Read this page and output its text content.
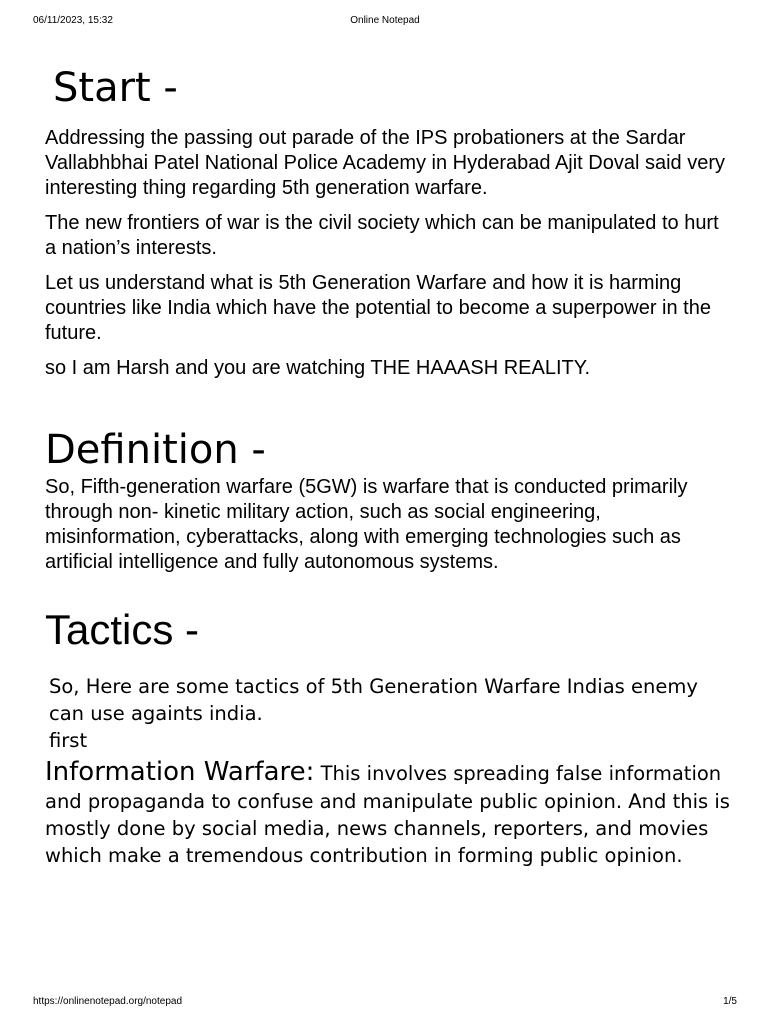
06/11/2023, 15:32	Online Notepad
Start -

Addressing the passing out parade of the IPS probationers at the Sardar Vallabhbhai Patel National Police Academy in Hyderabad Ajit Doval said very interesting thing regarding 5th generation warfare.

The new frontiers of war is the civil society which can be manipulated to hurt a nation’s interests.

Let us understand what is 5th Generation Warfare and how it is harming countries like India which have the potential to become a superpower in the future.

so I am Harsh and you are watching THE HAAASH REALITY.

Definition -

So, Fifth-generation warfare (5GW) is warfare that is conducted primarily through non- kinetic military action, such as social engineering, misinformation, cyberattacks, along with emerging technologies such as artificial intelligence and fully autonomous systems.

Tactics -

So, Here are some tactics of 5th Generation Warfare Indias enemy can use againts india.

first

Information Warfare: This involves spreading false information and propaganda to confuse and manipulate public opinion. And this is mostly done by social media, news channels, reporters, and movies which make a tremendous contribution in forming public opinion.

https://onlinenotepad.org/notepad	1/5
